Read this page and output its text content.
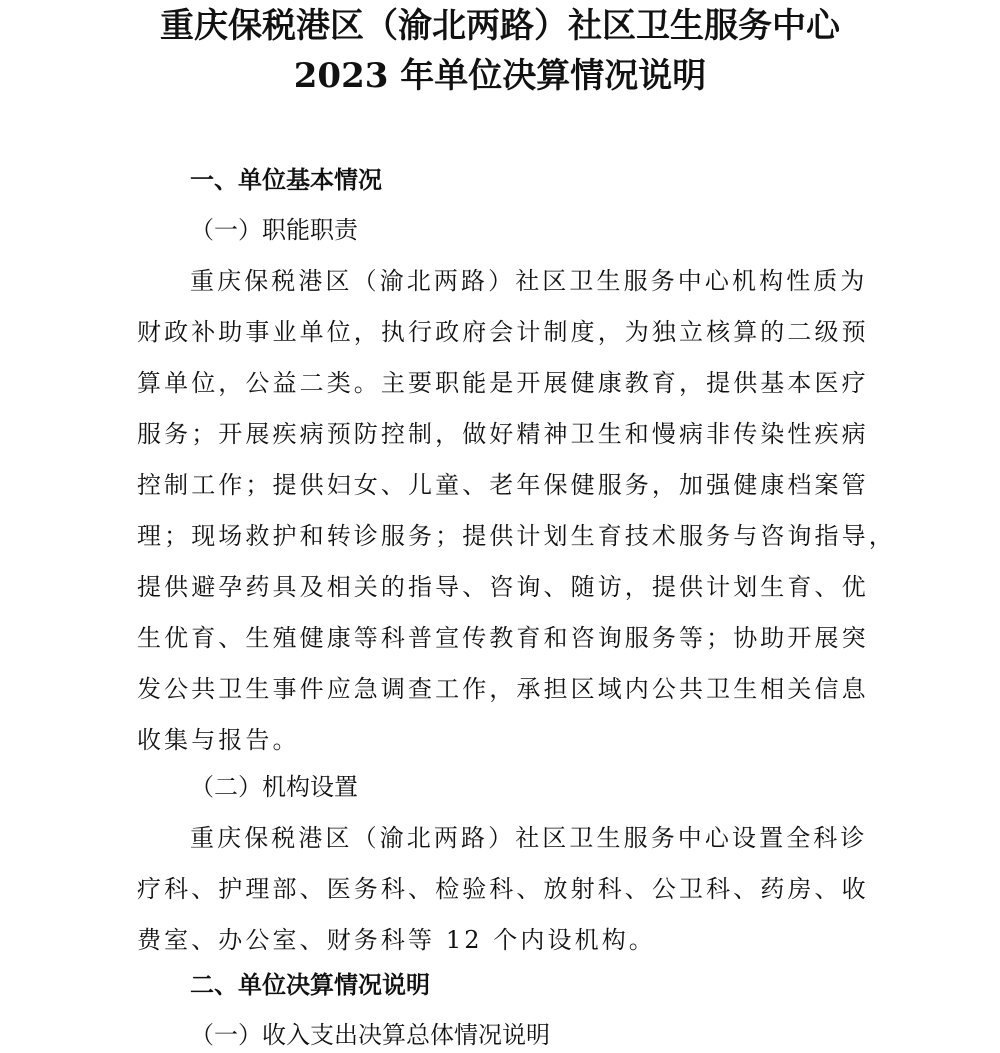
重庆保税港区（渝北两路）社区卫生服务中心
2023 年单位决算情况说明
一、单位基本情况
（一）职能职责
重庆保税港区（渝北两路）社区卫生服务中心机构性质为
财政补助事业单位，执行政府会计制度，为独立核算的二级预
算单位，公益二类。主要职能是开展健康教育，提供基本医疗
服务；开展疾病预防控制，做好精神卫生和慢病非传染性疾病
控制工作；提供妇女、儿童、老年保健服务，加强健康档案管
理；现场救护和转诊服务；提供计划生育技术服务与咨询指导，
提供避孕药具及相关的指导、咨询、随访，提供计划生育、优
生优育、生殖健康等科普宣传教育和咨询服务等；协助开展突
发公共卫生事件应急调查工作，承担区域内公共卫生相关信息
收集与报告。
（二）机构设置
重庆保税港区（渝北两路）社区卫生服务中心设置全科诊
疗科、护理部、医务科、检验科、放射科、公卫科、药房、收
费室、办公室、财务科等 12 个内设机构。
二、单位决算情况说明
（一）收入支出决算总体情况说明
